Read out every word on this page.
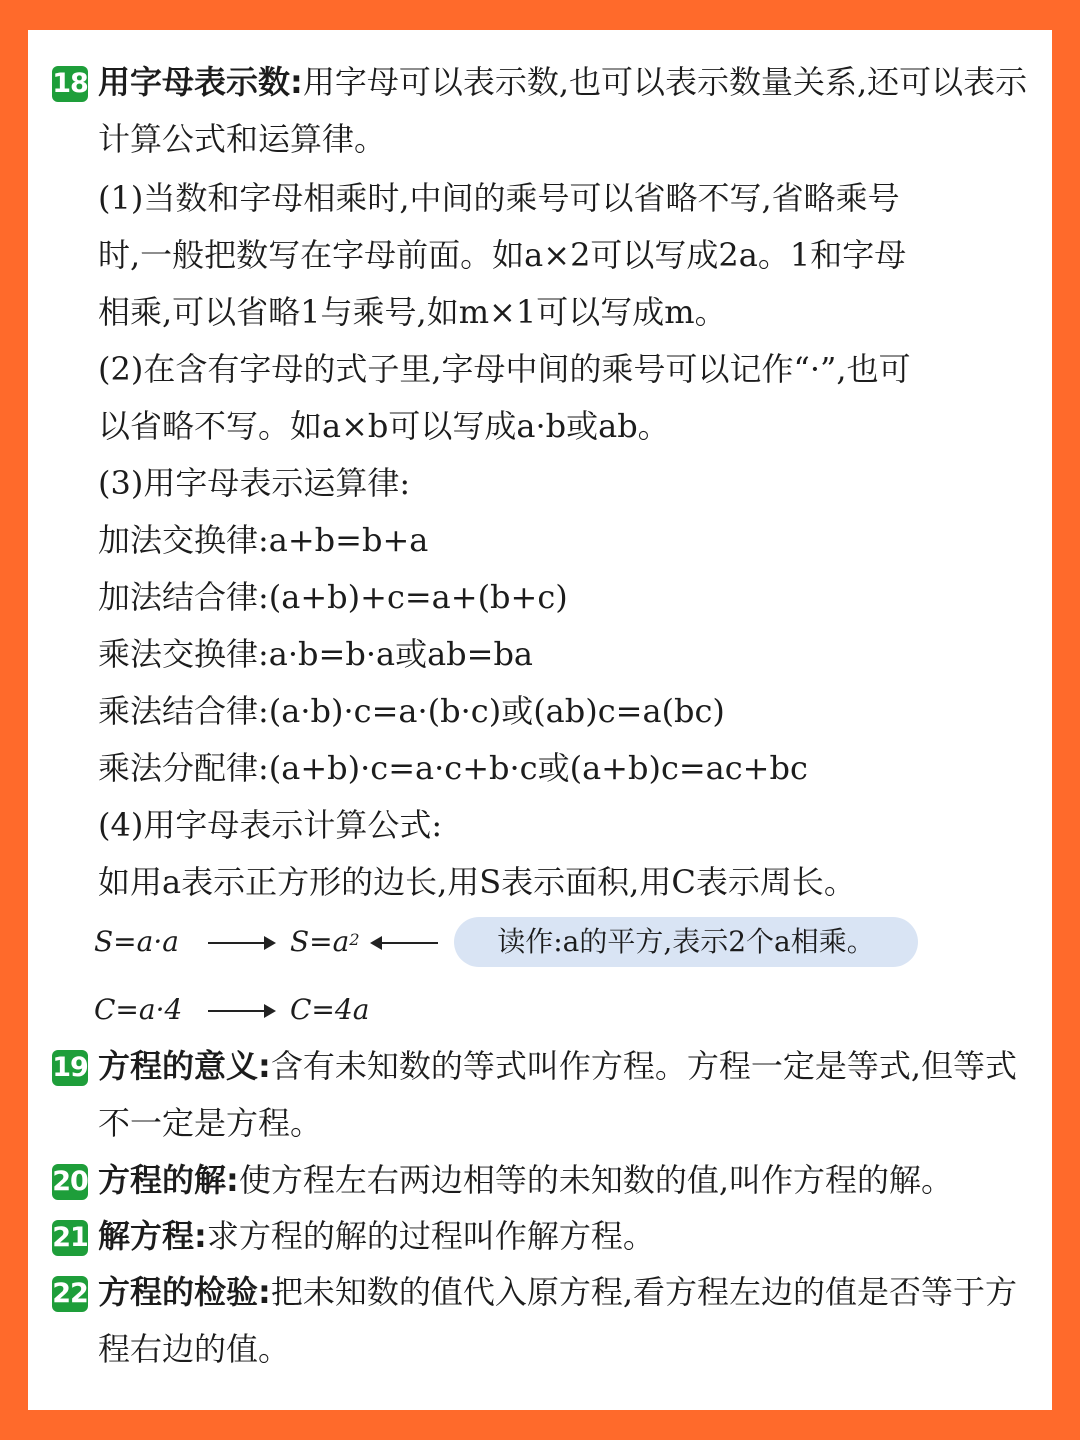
18 用字母表示数:用字母可以表示数,也可以表示数量关系,还可以表示计算公式和运算律。
(1)当数和字母相乘时,中间的乘号可以省略不写,省略乘号
时,一般把数写在字母前面。如a×2可以写成2a。1和字母
相乘,可以省略1与乘号,如m×1可以写成m。
(2)在含有字母的式子里,字母中间的乘号可以记作“·”,也可
以省略不写。如a×b可以写成a·b或ab。
(3)用字母表示运算律:
加法交换律:a+b=b+a
加法结合律:(a+b)+c=a+(b+c)
乘法交换律:a·b=b·a或ab=ba
乘法结合律:(a·b)·c=a·(b·c)或(ab)c=a(bc)
乘法分配律:(a+b)·c=a·c+b·c或(a+b)c=ac+bc
(4)用字母表示计算公式:
如用a表示正方形的边长,用S表示面积,用C表示周长。
S=a·a	$S=a^2$	读作:a的平方,表示2个a相乘。
C=a·4	C=4a
19 方程的意义:含有未知数的等式叫作方程。方程一定是等式,但等式不一定是方程。
20 方程的解:使方程左右两边相等的未知数的值,叫作方程的解。
21 解方程:求方程的解的过程叫作解方程。
22 方程的检验:把未知数的值代入原方程,看方程左边的值是否等于方程右边的值。
